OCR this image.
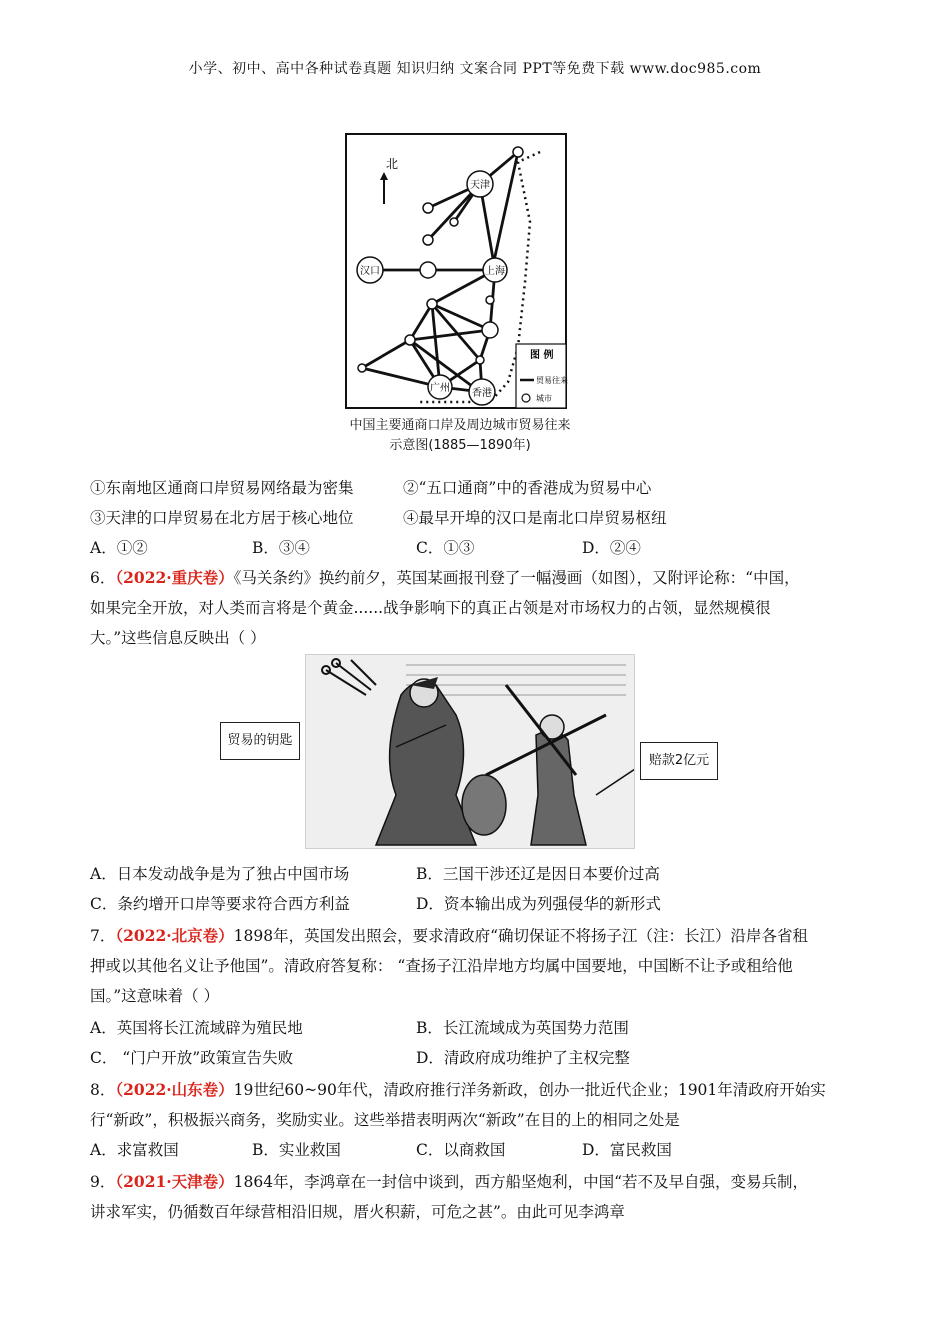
小学、初中、高中各种试卷真题 知识归纳 文案合同 PPT等免费下载 www.doc985.com
北
天津
汉口	上海
广州 香港
图 例
贸易往来
城市
中国主要通商口岸及周边城市贸易往来
示意图(1885—1890年)
①东南地区通商口岸贸易网络最为密集	②“五口通商”中的香港成为贸易中心
③天津的口岸贸易在北方居于核心地位	④最早开埠的汉口是南北口岸贸易枢纽
A．①②	B．③④	C．①③	D．②④
6．（2022·重庆卷）《马关条约》换约前夕，英国某画报刊登了一幅漫画（如图），又附评论称：“中国，
如果完全开放，对人类而言将是个黄金......战争影响下的真正占领是对市场权力的占领，显然规模很
大。”这些信息反映出（ ）
贸易的钥匙
赔款2亿元
A．日本发动战争是为了独占中国市场	B．三国干涉还辽是因日本要价过高
C．条约增开口岸等要求符合西方利益	D．资本输出成为列强侵华的新形式
7．（2022·北京卷）1898年，英国发出照会，要求清政府“确切保证不将扬子江（注：长江）沿岸各省租
押或以其他名义让予他国”。清政府答复称： “查扬子江沿岸地方均属中国要地，中国断不让予或租给他
国。”这意味着（ ）
A．英国将长江流域辟为殖民地	B．长江流域成为英国势力范围
C． “门户开放”政策宣告失败	D．清政府成功维护了主权完整
8．（2022·山东卷）19世纪60~90年代，清政府推行洋务新政，创办一批近代企业；1901年清政府开始实
行“新政”，积极振兴商务，奖励实业。这些举措表明两次“新政”在目的上的相同之处是
A．求富救国	B．实业救国	C．以商救国	D．富民救国
9．（2021·天津卷）1864年，李鸿章在一封信中谈到，西方船坚炮利，中国“若不及早自强，变易兵制，
讲求军实，仍循数百年绿营相沿旧规，厝火积薪，可危之甚”。由此可见李鸿章
